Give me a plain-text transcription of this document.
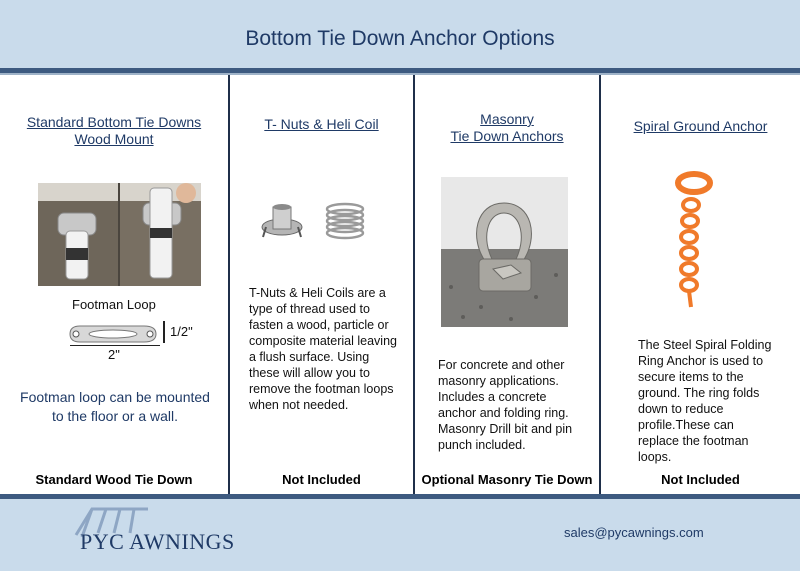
Bottom Tie Down Anchor Options
Standard Bottom Tie Downs
Wood Mount
Footman Loop
1/2"
2"
Footman loop can be mounted to the floor or a wall.
Standard Wood Tie Down
T- Nuts & Heli Coil
T-Nuts & Heli Coils are a type of thread used to fasten a wood, particle or composite material leaving a flush surface. Using these will allow you to remove the footman loops when not needed.
Not Included
Masonry
Tie Down Anchors
For concrete and other masonry applications. Includes a concrete anchor and folding ring. Masonry Drill bit and pin punch included.
Optional Masonry Tie Down
Spiral Ground Anchor
The Steel Spiral Folding Ring Anchor is used to secure items to the ground. The ring folds down to reduce profile.These can replace the footman loops.
Not Included
PYC AWNINGS	sales@pycawnings.com
